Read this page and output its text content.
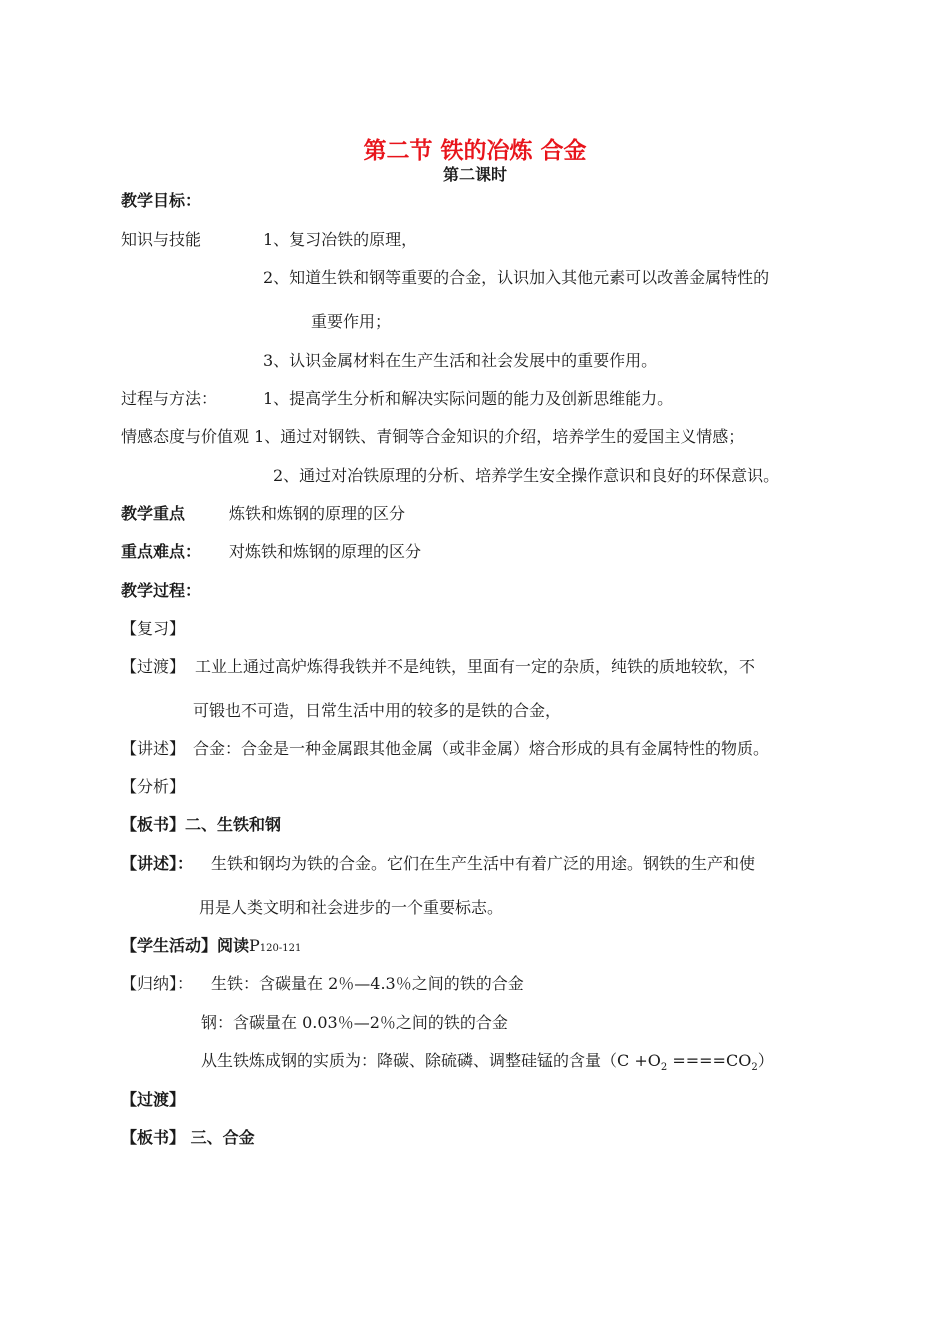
第二节 铁的冶炼 合金
第二课时
教学目标：
知识与技能	1、复习冶铁的原理，
2、知道生铁和钢等重要的合金，认识加入其他元素可以改善金属特性的
重要作用；
3、认识金属材料在生产生活和社会发展中的重要作用。
过程与方法：	1、提高学生分析和解决实际问题的能力及创新思维能力。
情感态度与价值观 1、通过对钢铁、青铜等合金知识的介绍，培养学生的爱国主义情感；
2、通过对冶铁原理的分析、培养学生安全操作意识和良好的环保意识。
教学重点	炼铁和炼钢的原理的区分
重点难点： 对炼铁和炼钢的原理的区分
教学过程：
【复习】
【过渡】 工业上通过高炉炼得我铁并不是纯铁，里面有一定的杂质，纯铁的质地较软，不
可锻也不可造，日常生活中用的较多的是铁的合金，
【讲述】 合金：合金是一种金属跟其他金属（或非金属）熔合形成的具有金属特性的物质。
【分析】
【板书】二、生铁和钢
【讲述】： 生铁和钢均为铁的合金。它们在生产生活中有着广泛的用途。钢铁的生产和使
用是人类文明和社会进步的一个重要标志。
【学生活动】阅读P120-121
【归纳】： 生铁：含碳量在 2％—4.3％之间的铁的合金
钢：含碳量在 0.03％—2％之间的铁的合金
从生铁炼成钢的实质为：降碳、除硫磷、调整硅锰的含量$(C +O_2 ====CO_2)$
【过渡】
【板书】 三、合金
